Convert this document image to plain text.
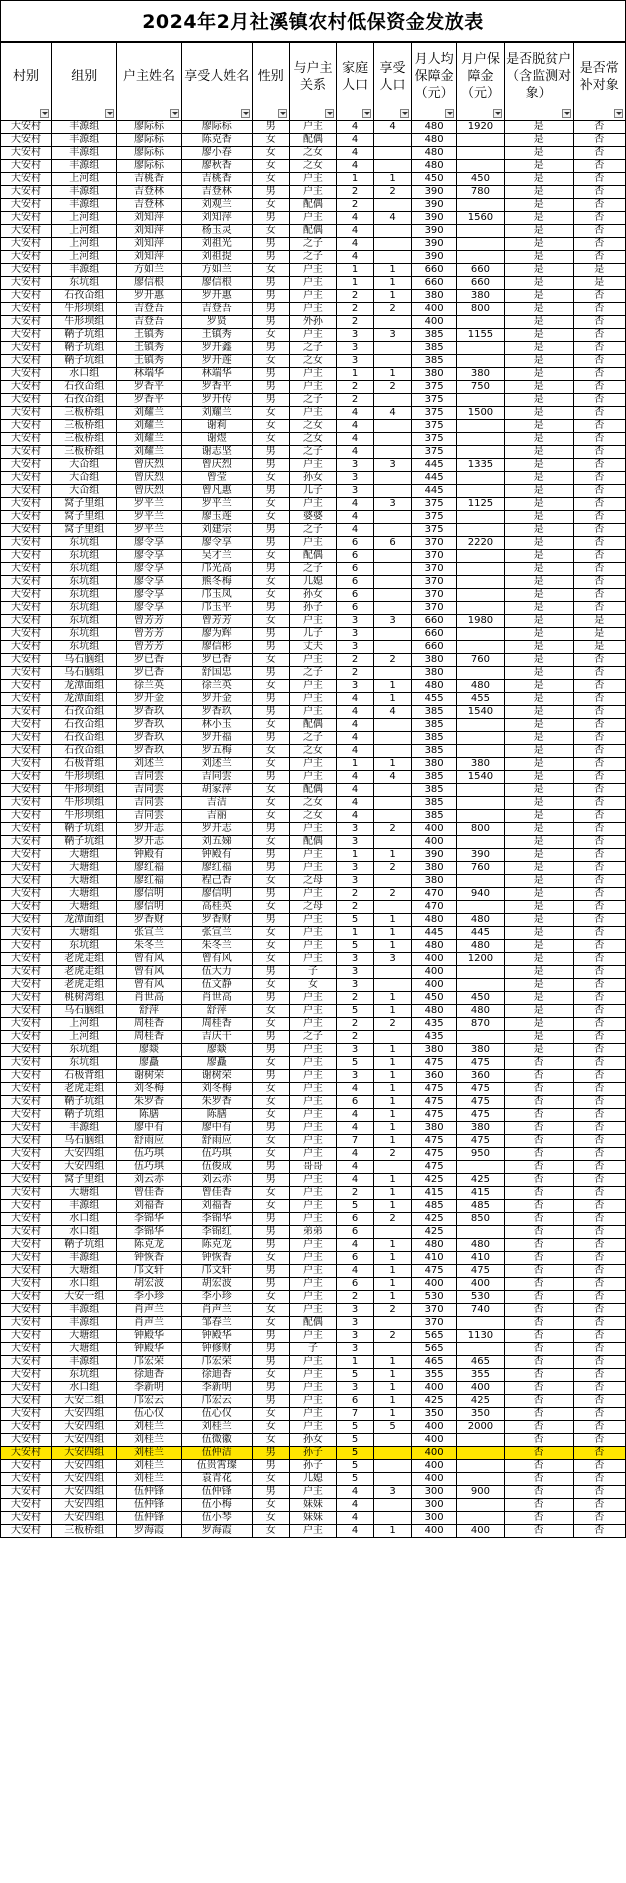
2024年2月社溪镇农村低保资金发放表
村别	组别	户主姓名	享受人姓名	性别	与户主关系	家庭人口	享受人口	月人均保障金（元）	月户保障金（元）	是否脱贫户（含监测对象）	是否常补对象

大安村	丰源组	廖际标	廖际标	男	户主	4	4	480	1920	是	否
大安村	丰源组	廖际标	陈克香	女	配偶	4		480		是	否
大安村	丰源组	廖际标	廖小春	女	之女	4		480		是	否
大安村	丰源组	廖际标	廖秋香	女	之女	4		480		是	否
大安村	上河组	吉桃香	吉桃香	女	户主	1	1	450	450	是	否
大安村	丰源组	吉登林	吉登林	男	户主	2	2	390	780	是	否
大安村	丰源组	吉登林	刘观兰	女	配偶	2		390		是	否
大安村	上河组	刘知萍	刘知萍	男	户主	4	4	390	1560	是	否
大安村	上河组	刘知萍	杨玉灵	女	配偶	4		390		是	否
大安村	上河组	刘知萍	刘祖光	男	之子	4		390		是	否
大安村	上河组	刘知萍	刘祖提	男	之子	4		390		是	否
大安村	丰源组	方如兰	方如兰	女	户主	1	1	660	660	是	是
大安村	东坑组	廖信根	廖信根	男	户主	1	1	660	660	是	是
大安村	石孜仚组	罗开惠	罗开惠	男	户主	2	1	380	380	是	否
大安村	牛形坝组	吉登吾	吉登吾	男	户主	2	2	400	800	是	否
大安村	牛形坝组	吉登吾	罗贤	男	外孙	2		400		是	否
大安村	鞆子坑组	王镇秀	王镇秀	女	户主	3	3	385	1155	是	否
大安村	鞆子坑组	王镇秀	罗开鑫	男	之子	3		385		是	否
大安村	鞆子坑组	王镇秀	罗开莲	女	之女	3		385		是	否
大安村	水口组	林端华	林端华	男	户主	1	1	380	380	是	否
大安村	石孜仚组	罗香平	罗香平	男	户主	2	2	375	750	是	否
大安村	石孜仚组	罗香平	罗开传	男	之子	2		375		是	否
大安村	三板桥组	刘耀兰	刘耀兰	女	户主	4	4	375	1500	是	否
大安村	三板桥组	刘耀兰	谢莉	女	之女	4		375		是	否
大安村	三板桥组	刘耀兰	谢煜	女	之女	4		375		是	否
大安村	三板桥组	刘耀兰	谢志坚	男	之子	4		375		是	否
大安村	大仚组	曾庆烈	曾庆烈	男	户主	3	3	445	1335	是	否
大安村	大仚组	曾庆烈	曾莹	女	孙女	3		445		是	否
大安村	大仚组	曾庆烈	曾凡惠	男	儿子	3		445		是	否
大安村	窝子里组	罗平兰	罗平兰	女	户主	4	3	375	1125	是	否
大安村	窝子里组	罗平兰	廖玉莲	女	婆婆	4		375		是	否
大安村	窝子里组	罗平兰	刘建宗	男	之子	4		375		是	否
大安村	东坑组	廖令享	廖令享	男	户主	6	6	370	2220	是	否
大安村	东坑组	廖令享	吴才兰	女	配偶	6		370		是	否
大安村	东坑组	廖令享	邝光高	男	之子	6		370		是	否
大安村	东坑组	廖令享	熊冬梅	女	儿媳	6		370		是	否
大安村	东坑组	廖令享	邝玉凤	女	孙女	6		370		是	否
大安村	东坑组	廖令享	邝玉平	男	孙子	6		370		是	否
大安村	东坑组	曾芳芳	曾芳芳	女	户主	3	3	660	1980	是	是
大安村	东坑组	曾芳芳	廖为辉	男	儿子	3		660		是	是
大安村	东坑组	曾芳芳	廖信彬	男	丈夫	3		660		是	是
大安村	乌石脑组	罗已香	罗已香	女	户主	2	2	380	760	是	否
大安村	乌石脑组	罗已香	舒国忠	男	之子	2		380		是	否
大安村	龙潭面组	徐兰英	徐兰英	女	户主	3	1	480	480	是	否
大安村	龙潭面组	罗开金	罗开金	男	户主	4	1	455	455	是	否
大安村	石孜仚组	罗香玖	罗香玖	男	户主	4	4	385	1540	是	否
大安村	石孜仚组	罗香玖	林小玉	女	配偶	4		385		是	否
大安村	石孜仚组	罗香玖	罗开福	男	之子	4		385		是	否
大安村	石孜仚组	罗香玖	罗五梅	女	之女	4		385		是	否
大安村	石极背组	刘述兰	刘述兰	女	户主	1	1	380	380	是	否
大安村	牛形坝组	吉同雲	吉同雲	男	户主	4	4	385	1540	是	否
大安村	牛形坝组	吉同雲	胡家萍	女	配偶	4		385		是	否
大安村	牛形坝组	吉同雲	吉洁	女	之女	4		385		是	否
大安村	牛形坝组	吉同雲	吉丽	女	之女	4		385		是	否
大安村	鞆子坑组	罗开志	罗开志	男	户主	3	2	400	800	是	否
大安村	鞆子坑组	罗开志	刘五娣	女	配偶	3		400		是	否
大安村	大塘组	钟殿有	钟殿有	男	户主	1	1	390	390	是	否
大安村	大塘组	廖红福	廖红福	男	户主	3	2	380	760	是	否
大安村	大塘组	廖红福	程己香	女	之母	3		380		是	否
大安村	大塘组	廖信明	廖信明	男	户主	2	2	470	940	是	否
大安村	大塘组	廖信明	高桂英	女	之母	2		470		是	否
大安村	龙潭面组	罗香财	罗香财	男	户主	5	1	480	480	是	否
大安村	大塘组	张宣兰	张宣兰	女	户主	1	1	445	445	是	否
大安村	东坑组	朱冬兰	朱冬兰	女	户主	5	1	480	480	是	否
大安村	老虎走组	曾有风	曾有风	女	户主	3	3	400	1200	是	否
大安村	老虎走组	曾有风	伍大力	男	子	3		400		是	否
大安村	老虎走组	曾有风	伍文静	女	女	3		400		是	否
大安村	桃树湾组	肖世高	肖世高	男	户主	2	1	450	450	是	否
大安村	乌石脑组	舒萍	舒萍	女	户主	5	1	480	480	是	否
大安村	上河组	周桂香	周桂香	女	户主	2	2	435	870	是	否
大安村	上河组	周桂香	吉庆干	男	之子	2		435		是	否
大安村	东坑组	廖燚	廖燚	男	户主	3	1	380	380	是	否
大安村	东坑组	廖矗	廖矗	女	户主	5	1	475	475	否	否
大安村	石极背组	谢树荣	谢树荣	男	户主	3	1	360	360	否	否
大安村	老虎走组	刘冬梅	刘冬梅	女	户主	4	1	475	475	否	否
大安村	鞆子坑组	朱罗香	朱罗香	女	户主	6	1	475	475	否	否
大安村	鞆子坑组	陈膳	陈膳	女	户主	4	1	475	475	否	否
大安村	丰源组	廖中有	廖中有	男	户主	4	1	380	380	否	否
大安村	乌石脑组	舒雨应	舒雨应	女	户主	7	1	475	475	否	否
大安村	大安四组	伍巧琪	伍巧琪	女	户主	4	2	475	950	否	否
大安村	大安四组	伍巧琪	伍俊成	男	哥哥	4		475		否	否
大安村	窝子里组	刘云赤	刘云赤	男	户主	4	1	425	425	否	否
大安村	大塘组	曾佳香	曾佳香	女	户主	2	1	415	415	否	否
大安村	丰源组	刘福香	刘福香	女	户主	5	1	485	485	否	否
大安村	水口组	李锦华	李锦华	男	户主	6	2	425	850	否	否
大安村	水口组	李锦华	李锦红	男	弟弟	6		425		否	否
大安村	鞆子坑组	陈克龙	陈克龙	男	户主	4	1	480	480	否	否
大安村	丰源组	钟恢香	钟恢香	女	户主	6	1	410	410	否	否
大安村	大塘组	邝文轩	邝文轩	男	户主	4	1	475	475	否	否
大安村	水口组	胡宏波	胡宏波	男	户主	6	1	400	400	否	否
大安村	大安一组	李小珍	李小珍	女	户主	2	1	530	530	否	否
大安村	丰源组	肖声兰	肖声兰	女	户主	3	2	370	740	否	否
大安村	丰源组	肖声兰	邹春兰	女	配偶	3		370		否	否
大安村	大塘组	钟殿华	钟殿华	男	户主	3	2	565	1130	否	否
大安村	大塘组	钟殿华	钟修财	男	子	3		565		否	否
大安村	丰源组	邝宏荣	邝宏荣	男	户主	1	1	465	465	否	否
大安村	东坑组	徐迪香	徐迪香	女	户主	5	1	355	355	否	否
大安村	水口组	李新明	李新明	男	户主	3	1	400	400	否	否
大安村	大安二组	邝宏云	邝宏云	男	户主	6	1	425	425	否	否
大安村	大安四组	伍心仅	伍心仅	女	户主	7	1	350	350	否	否
大安村	大安四组	刘桂兰	刘桂兰	女	户主	5	5	400	2000	否	否
大安村	大安四组	刘桂兰	伍微徽	女	孙女	5		400		否	否
大安村	大安四组	刘桂兰	伍仲洁	男	孙子	5		400		否	否
大安村	大安四组	刘桂兰	伍贵霄璨	男	孙子	5		400		否	否
大安村	大安四组	刘桂兰	袁青花	女	儿媳	5		400		否	否
大安村	大安四组	伍仲锋	伍仲锋	男	户主	4	3	300	900	否	否
大安村	大安四组	伍仲锋	伍小梅	女	妹妹	4		300		否	否
大安村	大安四组	伍仲锋	伍小琴	女	妹妹	4		300		否	否
大安村	三板桥组	罗海霞	罗海霞	女	户主	4	1	400	400	否	否
